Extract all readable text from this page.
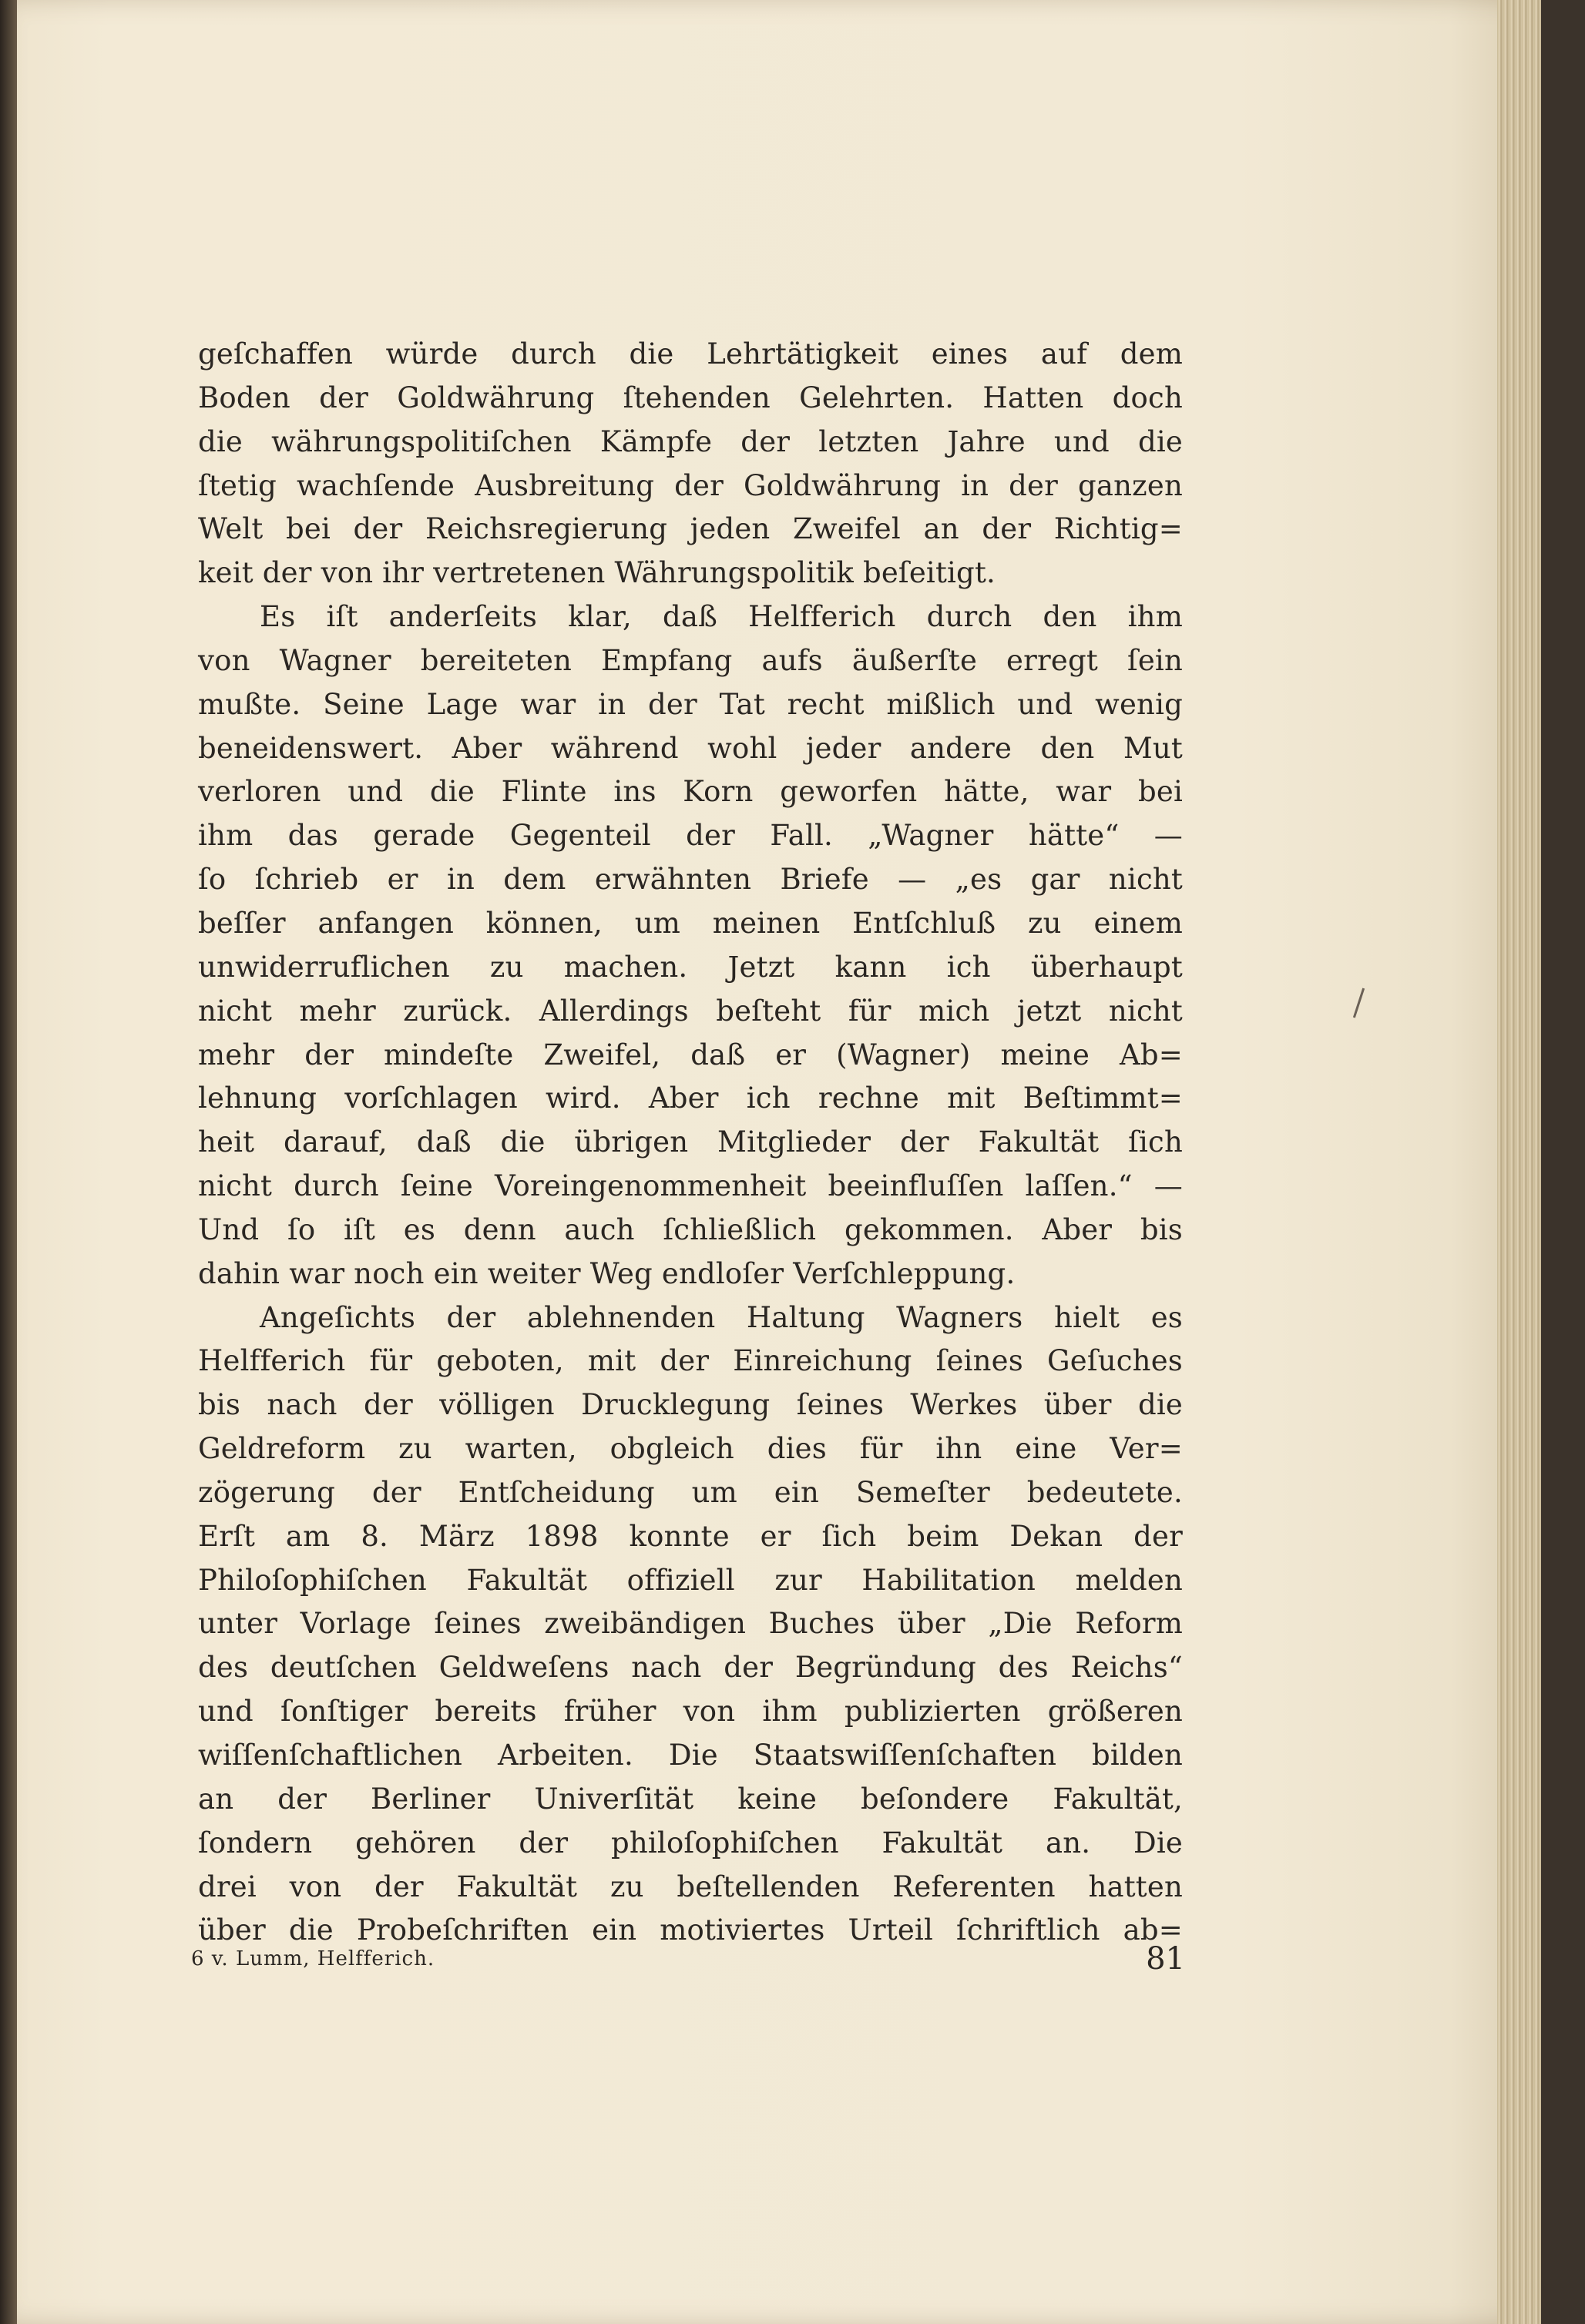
geſchaffen würde durch die Lehrtätigkeit eines auf dem
Boden der Goldwährung ſtehenden Gelehrten. Hatten doch
die währungspolitiſchen Kämpfe der letzten Jahre und die
ſtetig wachſende Ausbreitung der Goldwährung in der ganzen
Welt bei der Reichsregierung jeden Zweifel an der Richtig=
keit der von ihr vertretenen Währungspolitik beſeitigt.
Es iſt anderſeits klar, daß Helfferich durch den ihm
von Wagner bereiteten Empfang aufs äußerſte erregt ſein
mußte. Seine Lage war in der Tat recht mißlich und wenig
beneidenswert. Aber während wohl jeder andere den Mut
verloren und die Flinte ins Korn geworfen hätte, war bei
ihm das gerade Gegenteil der Fall. „Wagner hätte“ —
ſo ſchrieb er in dem erwähnten Briefe — „es gar nicht
beſſer anfangen können, um meinen Entſchluß zu einem
unwiderruflichen zu machen. Jetzt kann ich überhaupt
nicht mehr zurück. Allerdings beſteht für mich jetzt nicht
mehr der mindeſte Zweifel, daß er (Wagner) meine Ab=
lehnung vorſchlagen wird. Aber ich rechne mit Beſtimmt=
heit darauf, daß die übrigen Mitglieder der Fakultät ſich
nicht durch ſeine Voreingenommenheit beeinfluſſen laſſen.“ —
Und ſo iſt es denn auch ſchließlich gekommen. Aber bis
dahin war noch ein weiter Weg endloſer Verſchleppung.
Angeſichts der ablehnenden Haltung Wagners hielt es
Helfferich für geboten, mit der Einreichung ſeines Geſuches
bis nach der völligen Drucklegung ſeines Werkes über die
Geldreform zu warten, obgleich dies für ihn eine Ver=
zögerung der Entſcheidung um ein Semeſter bedeutete.
Erſt am 8. März 1898 konnte er ſich beim Dekan der
Philoſophiſchen Fakultät offiziell zur Habilitation melden
unter Vorlage ſeines zweibändigen Buches über „Die Reform
des deutſchen Geldweſens nach der Begründung des Reichs“
und ſonſtiger bereits früher von ihm publizierten größeren
wiſſenſchaftlichen Arbeiten. Die Staatswiſſenſchaften bilden
an der Berliner Univerſität keine beſondere Fakultät,
ſondern gehören der philoſophiſchen Fakultät an. Die
drei von der Fakultät zu beſtellenden Referenten hatten
über die Probeſchriften ein motiviertes Urteil ſchriftlich ab=
6 v. Lumm, Helfferich.	81
